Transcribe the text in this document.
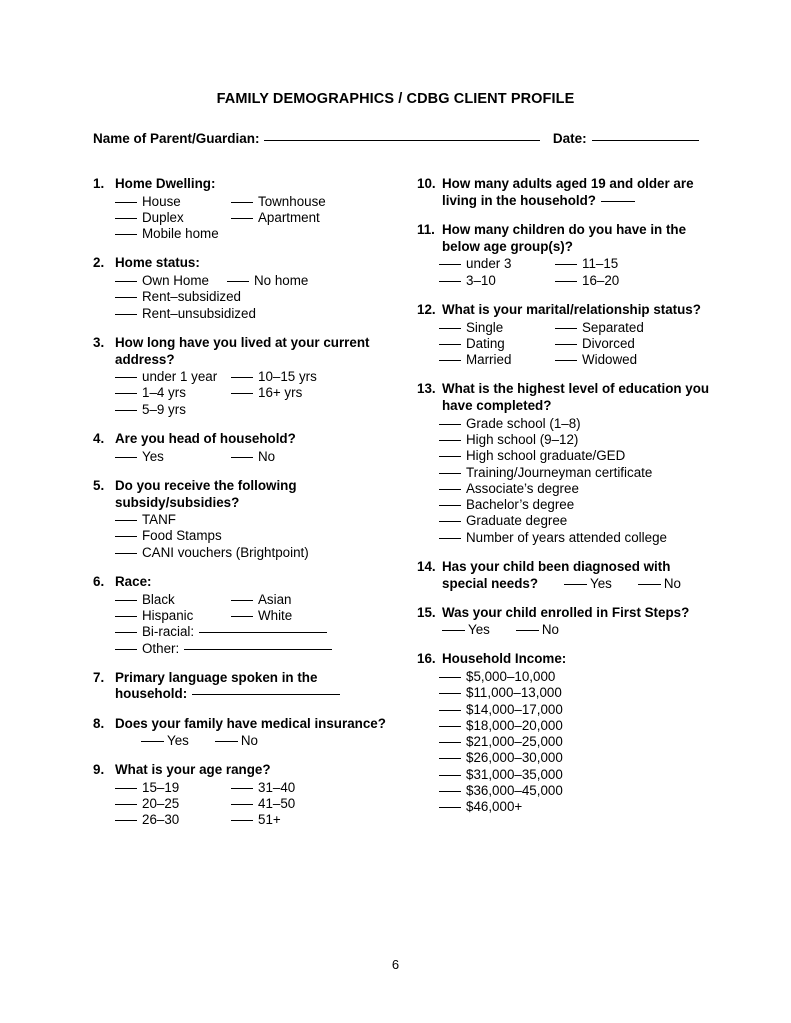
FAMILY DEMOGRAPHICS / CDBG CLIENT PROFILE
Name of Parent/Guardian:	Date:
1. Home Dwelling:
House	Townhouse
Duplex	Apartment
Mobile home
2. Home status:
Own Home	No home
Rent–subsidized
Rent–unsubsidized
3. How long have you lived at your current address?
under 1 year	10–15 yrs
1–4 yrs	16+ yrs
5–9 yrs
4. Are you head of household?
Yes	No
5. Do you receive the following subsidy/subsidies?
TANF
Food Stamps
CANI vouchers (Brightpoint)
6. Race:
Black	Asian
Hispanic	White
Bi-racial:
Other:
7. Primary language spoken in the household:
8. Does your family have medical insurance?Yes	No
9. What is your age range?
15–19	31–40
20–25	41–50
26–30	51+
10. How many adults aged 19 and older are living in the household?
11. How many children do you have in the below age group(s)?
under 3	11–15
3–10	16–20
12. What is your marital/relationship status?
Single	Separated
Dating	Divorced
Married	Widowed
13. What is the highest level of education you have completed?
Grade school (1–8)
High school (9–12)
High school graduate/GED
Training/Journeyman certificate
Associate’s degree
Bachelor’s degree
Graduate degree
Number of years attended college
14. Has your child been diagnosed with special needs?	Yes	No
15. Was your child enrolled in First Steps?Yes	No
16. Household Income:
$5,000–10,000
$11,000–13,000
$14,000–17,000
$18,000–20,000
$21,000–25,000
$26,000–30,000
$31,000–35,000
$36,000–45,000
$46,000+
6
